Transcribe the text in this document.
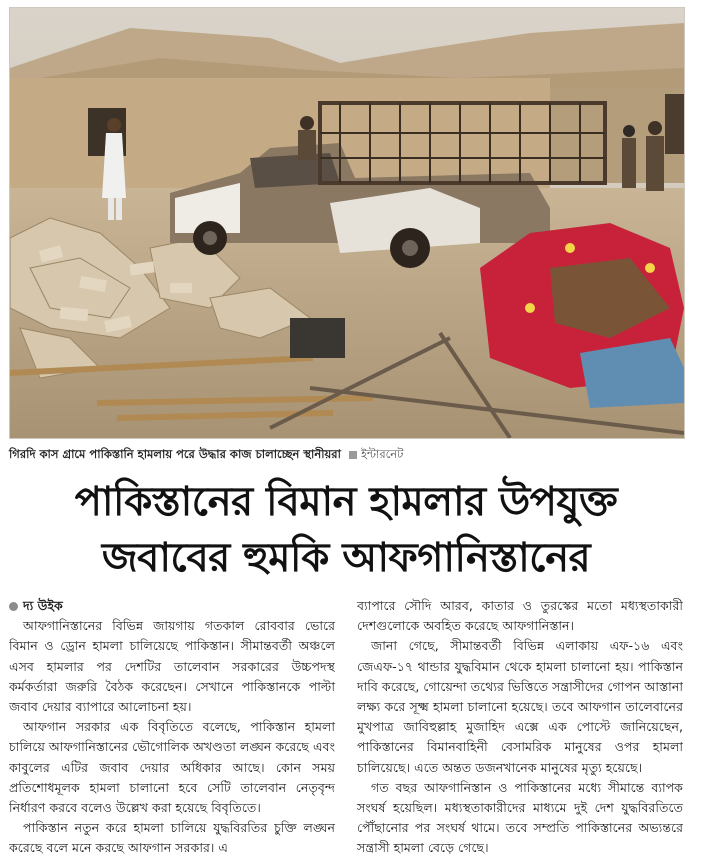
গিরদি কাস গ্রামে পাকিস্তানি হামলায় পরে উদ্ধার কাজ চালাচ্ছেন স্থানীয়রা ইন্টারনেট
পাকিস্তানের বিমান হামলার উপযুক্ত
জবাবের হুমকি আফগানিস্তানের

দ্য উইক
আফগানিস্তানের বিভিন্ন জায়গায় গতকাল রোববার ভোরে বিমান ও ড্রোন হামলা চালিয়েছে পাকিস্তান। সীমান্তবর্তী অঞ্চলে এসব হামলার পর দেশটির তালেবান সরকারের উচ্চপদস্থ কর্মকর্তারা জরুরি বৈঠক করেছেন। সেখানে পাকিস্তানকে পাল্টা জবাব দেয়ার ব্যাপারে আলোচনা হয়।

আফগান সরকার এক বিবৃতিতে বলেছে, পাকিস্তান হামলা চালিয়ে আফগানিস্তানের ভৌগোলিক অখণ্ডতা লঙ্ঘন করেছে এবং কাবুলের এটির জবাব দেয়ার অধিকার আছে। কোন সময় প্রতিশোধমূলক হামলা চালানো হবে সেটি তালেবান নেতৃবৃন্দ নির্ধারণ করবে বলেও উল্লেখ করা হয়েছে বিবৃতিতে।

পাকিস্তান নতুন করে হামলা চালিয়ে যুদ্ধবিরতির চুক্তি লঙ্ঘন করেছে বলে মনে করছে আফগান সরকার। এ

ব্যাপারে সৌদি আরব, কাতার ও তুরস্কের মতো মধ্যস্থতাকারী দেশগুলোকে অবহিত করেছে আফগানিস্তান।

জানা গেছে, সীমান্তবর্তী বিভিন্ন এলাকায় এফ-১৬ এবং জেএফ-১৭ থান্ডার যুদ্ধবিমান থেকে হামলা চালানো হয়। পাকিস্তান দাবি করেছে, গোয়েন্দা তথ্যের ভিত্তিতে সন্ত্রাসীদের গোপন আস্তানা লক্ষ্য করে সূক্ষ্ম হামলা চালানো হয়েছে। তবে আফগান তালেবানের মুখপাত্র জাবিহুল্লাহ মুজাহিদ এক্সে এক পোস্টে জানিয়েছেন, পাকিস্তানের বিমানবাহিনী বেসামরিক মানুষের ওপর হামলা চালিয়েছে। এতে অন্তত ডজনখানেক মানুষের মৃত্যু হয়েছে।

গত বছর আফগানিস্তান ও পাকিস্তানের মধ্যে সীমান্তে ব্যাপক সংঘর্ষ হয়েছিল। মধ্যস্থতাকারীদের মাধ্যমে দুই দেশ যুদ্ধবিরতিতে পৌঁছানোর পর সংঘর্ষ থামে। তবে সম্প্রতি পাকিস্তানের অভ্যন্তরে সন্ত্রাসী হামলা বেড়ে গেছে।
